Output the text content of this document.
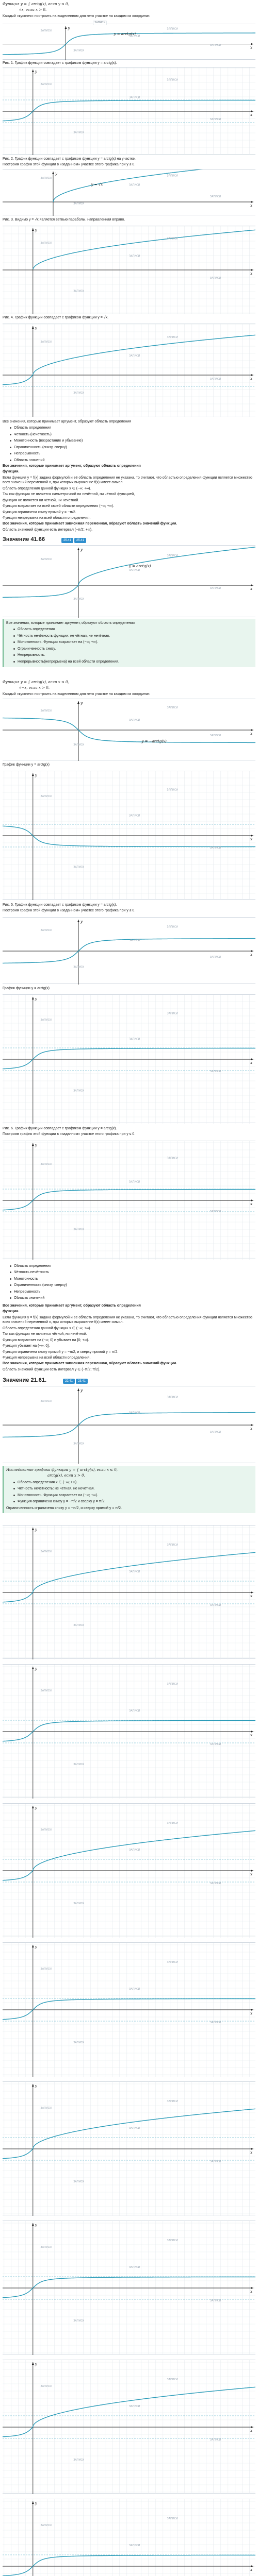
Функция y = { arctg(x), если y ≤ 0,

√x, если x > 0.

Каждый «кусочек» построить на выделенном для него участке на каждом из координат.

x
y
y = arctg(x)
ЗАПИСИ
ЗАПИСИ
ЗАПИСИ
ЗАПИСИ
ЗАПИСИ
ЗАПИСИ

Рис. 1. График функции совпадает с графиком функции y = arctg(x).

x
y
ЗАПИСИ
ЗАПИСИ
ЗАПИСИ
ЗАПИСИ
ЗАПИСИ

Рис. 2. График функции совпадает с графиком функции y = arctg(x) на участке.

Построим график этой функции в «заданном» участке этого графика при y ≤ 0.

x
y
y = √x
ЗАПИСИ
ЗАПИСИ
ЗАПИСИ
ЗАПИСИ
ЗАПИСИ

Рис. 3. Видимо y = √x является ветвью параболы, направленная вправо.

x
y
ЗАПИСИ
ЗАПИСИ
ЗАПИСИ
ЗАПИСИ
ЗАПИСИ

Рис. 4. График функции совпадает с графиком функции y = √x.

x
y
ЗАПИСИ
ЗАПИСИ
ЗАПИСИ
ЗАПИСИ
ЗАПИСИ

Все значения, которые принимает аргумент, образуют область определения

Область определения
Чётность (нечётность)
Монотонность (возрастание и убывание)
Ограниченность (снизу, сверху)
Непрерывность
Область значений

Все значения, которые принимает аргумент, образуют область определения

функции.

Если функция y = f(x) задана формулой и её область определения не указана, то считают, что областью определения функции является множество всех значений переменной x, при которых выражение f(x) имеет смысл.

Область определения данной функции x ∈ (−∞; +∞).

Так как функция не является симметричной ни нечётной, ни чётной функцией,

функция не является ни чётной, ни нечётной.

Функция возрастает на всей своей области определения (−∞; +∞).

Функция ограничена снизу прямой y = −π/2.

Функция непрерывна на всей области определения.

Все значения, которые принимает зависимая переменная, образуют область значений функции.

Область значений функции есть интервал (−π/2; +∞).

Значение 41.66	25.41 25.41
x
y
y = arctg(x)
ЗАПИСИ
ЗАПИСИ
ЗАПИСИ
ЗАПИСИ
ЗАПИСИ

Все значения, которые принимает аргумент, образуют область определения

Область определения
Чётность нечётность функции: не чётная, не нечётная.
Монотонность. Функция возрастает на (−∞; +∞).
Ограниченность снизу.
Непрерывность.
Непрерывность(непрерывна) на всей области определения.

Функция y = { arctg(x), если x ≤ 0,

√−x, если x > 0.

Каждый «кусочек» построить на выделенном для него участке на каждом из координат.

x
y
y = −arctg(x)
ЗАПИСИ
ЗАПИСИ
ЗАПИСИ
ЗАПИСИ
ЗАПИСИ

График функции y = arctg(x)

x
y
ЗАПИСИ
ЗАПИСИ
ЗАПИСИ
ЗАПИСИ
ЗАПИСИ

Рис. 5. График функции совпадает с графиком функции y = arctg(x).

Построим график этой функции в «заданном» участке этого графика при y ≤ 0.

x
y
ЗАПИСИ
ЗАПИСИ
ЗАПИСИ
ЗАПИСИ
ЗАПИСИ

График функции y = arctg(x)

x
y
ЗАПИСИ
ЗАПИСИ
ЗАПИСИ
ЗАПИСИ
ЗАПИСИ

Рис. 6. График функции совпадает с графиком функции y = arctg(x).

Построим график этой функции в «заданном» участке этого графика при y ≤ 0.

x
y
ЗАПИСИ
ЗАПИСИ
ЗАПИСИ
ЗАПИСИ
ЗАПИСИ
Область определения
Чётность нечётность
Монотонность
Ограниченность (снизу, сверху)
Непрерывность
Область значений

Все значения, которые принимает аргумент, образуют область определения

функции.

Если функция y = f(x) задана формулой и её область определения не указана, то считают, что областью определения функции является множество всех значений переменной x, при которых выражение f(x) имеет смысл.

Область определения данной функции x ∈ (−∞; +∞).

Так как функция не является чётной, ни нечётной.

Функция возрастает на (−∞; 0] и убывает на [0; +∞).

Функция убывает на (−∞; 0].

Функция ограничена снизу прямой y = −π/2, и сверху прямой y = π/2.

Функция непрерывна на всей области определения.

Все значения, которые принимает зависимая переменная, образуют область значений функции.

Область значений функции есть интервал y ∈ (−π/2; π/2).

Значение 21.61.	22.41 23.41
x
y
ЗАПИСИ
ЗАПИСИ
ЗАПИСИ
ЗАПИСИ
ЗАПИСИ

Исследование графика функции y = { arctg(x), если x ≤ 0,

arctg(x), если x > 0.

Область определения x ∈ (−∞; +∞).
Чётность нечётность: не чётная, не нечётная.
Монотонность. Функция возрастает на (−∞; +∞).
Функция ограничена снизу y = −π/2 и сверху y = π/2.

Ограниченность ограничена снизу y = −π/2, и сверху прямой y = π/2.

x
y
ЗАПИСИ
ЗАПИСИ
ЗАПИСИ
ЗАПИСИ
ЗАПИСИ
x
y
ЗАПИСИ
ЗАПИСИ
ЗАПИСИ
ЗАПИСИ
ЗАПИСИ
x
y
ЗАПИСИ
ЗАПИСИ
ЗАПИСИ
ЗАПИСИ
ЗАПИСИ
x
y
ЗАПИСИ
ЗАПИСИ
ЗАПИСИ
ЗАПИСИ
ЗАПИСИ
x
y
ЗАПИСИ
ЗАПИСИ
ЗАПИСИ
ЗАПИСИ
ЗАПИСИ
x
y
ЗАПИСИ
ЗАПИСИ
ЗАПИСИ
ЗАПИСИ
ЗАПИСИ
x
y
ЗАПИСИ
ЗАПИСИ
ЗАПИСИ
ЗАПИСИ
ЗАПИСИ
x
y
ЗАПИСИ
ЗАПИСИ
ЗАПИСИ
